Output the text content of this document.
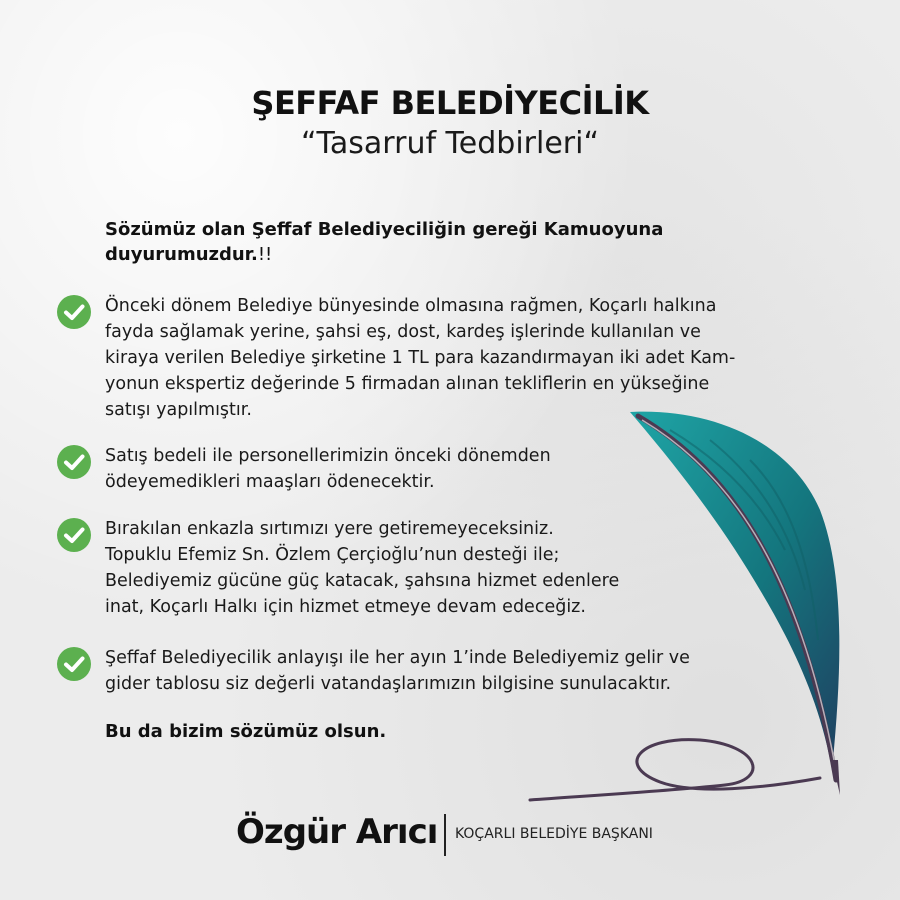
ŞEFFAF BELEDİYECİLİK
“Tasarruf Tedbirleri“
Sözümüz olan Şeffaf Belediyeciliğin gereği Kamuoyuna duyurumuzdur.!!
Önceki dönem Belediye bünyesinde olmasına rağmen, Koçarlı halkına
fayda sağlamak yerine, şahsi eş, dost, kardeş işlerinde kullanılan ve
kiraya verilen Belediye şirketine 1 TL para kazandırmayan iki adet Kam-
yonun ekspertiz değerinde 5 firmadan alınan tekliflerin en yükseğine
satışı yapılmıştır.
Satış bedeli ile personellerimizin önceki dönemden
ödeyemedikleri maaşları ödenecektir.
Bırakılan enkazla sırtımızı yere getiremeyeceksiniz.
Topuklu Efemiz Sn. Özlem Çerçioğlu’nun desteği ile;
Belediyemiz gücüne güç katacak, şahsına hizmet edenlere
inat, Koçarlı Halkı için hizmet etmeye devam edeceğiz.
Şeffaf Belediyecilik anlayışı ile her ayın 1’inde Belediyemiz gelir ve
gider tablosu siz değerli vatandaşlarımızın bilgisine sunulacaktır.
Bu da bizim sözümüz olsun.
Özgür Arıcı KOÇARLI BELEDİYE BAŞKANI
